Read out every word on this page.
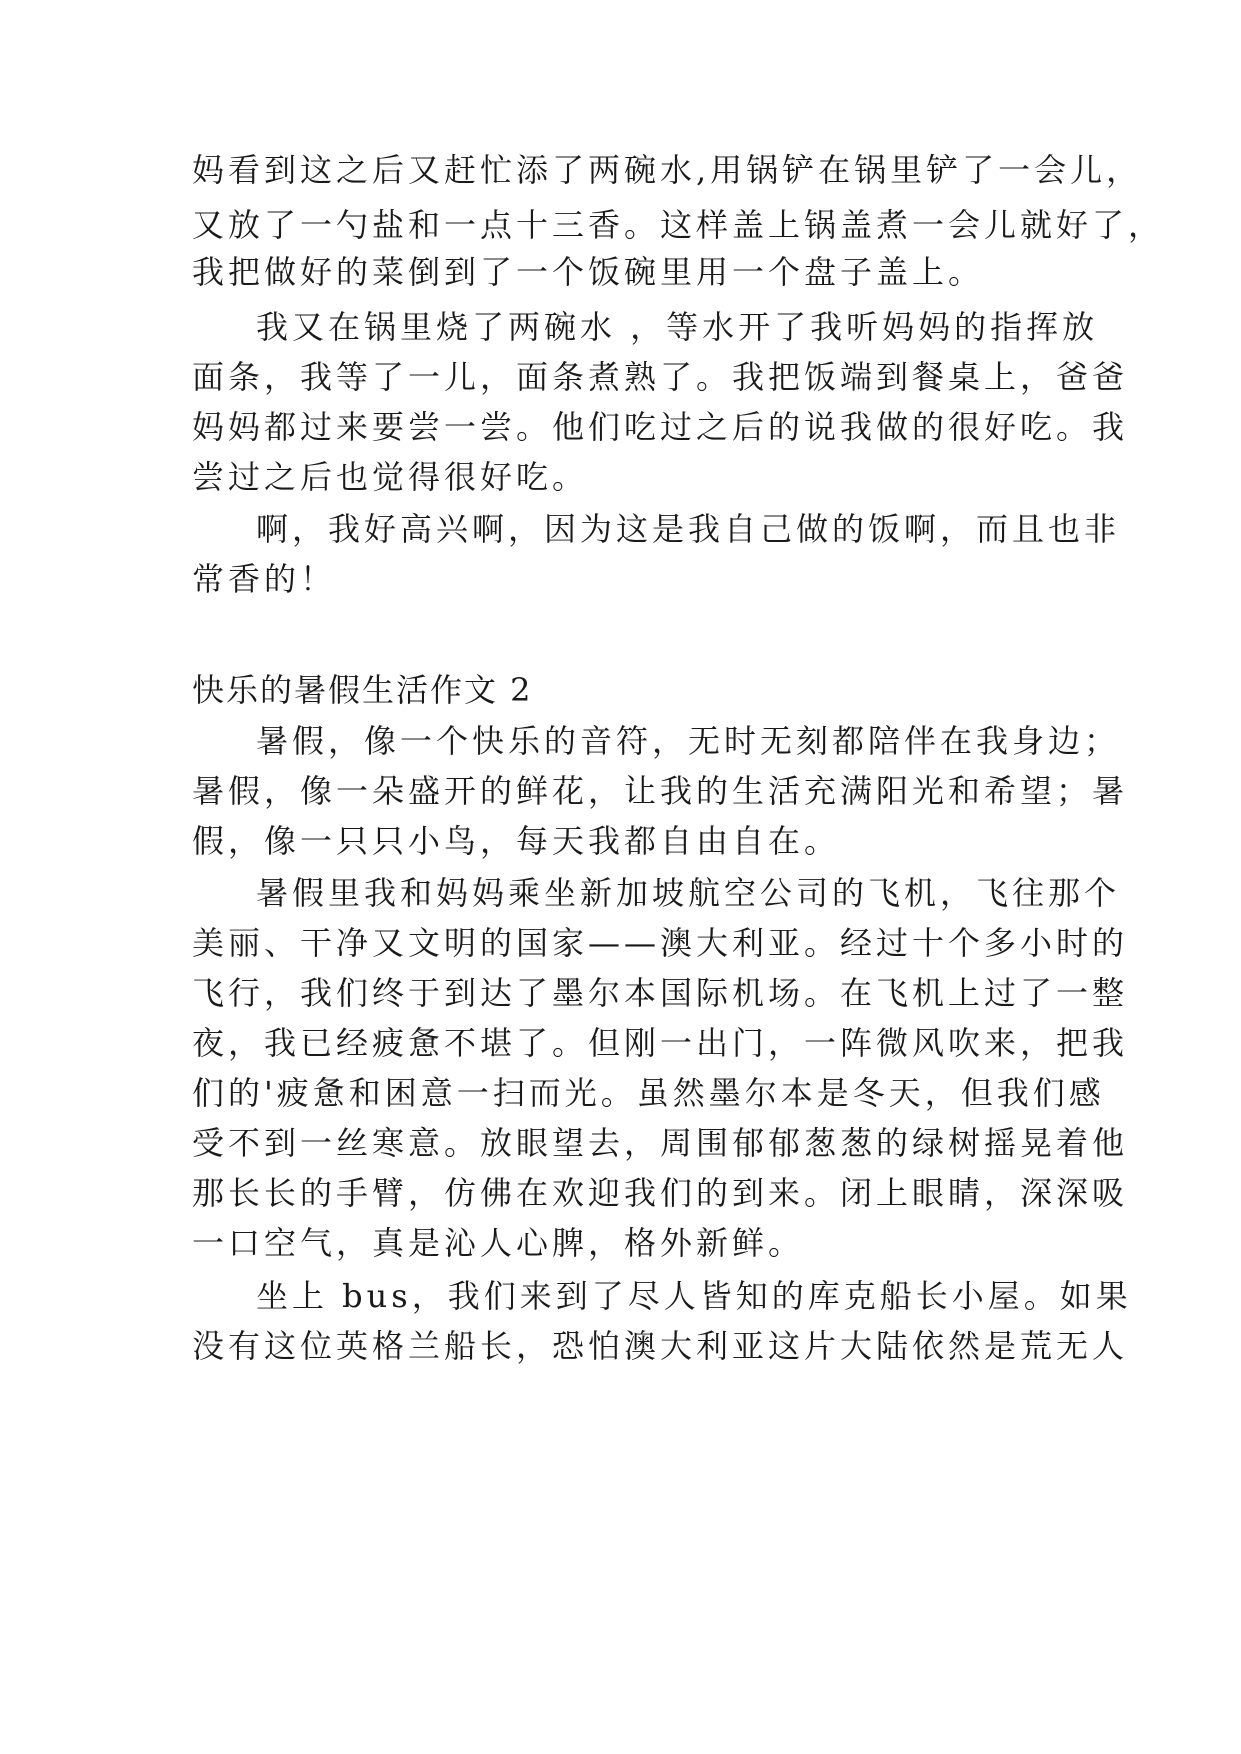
妈看到这之后又赶忙添了两碗水,用锅铲在锅里铲了一会儿，
又放了一勺盐和一点十三香。这样盖上锅盖煮一会儿就好了，
我把做好的菜倒到了一个饭碗里用一个盘子盖上。
我又在锅里烧了两碗水 ，等水开了我听妈妈的指挥放
面条，我等了一儿，面条煮熟了。我把饭端到餐桌上，爸爸
妈妈都过来要尝一尝。他们吃过之后的说我做的很好吃。我
尝过之后也觉得很好吃。
啊，我好高兴啊，因为这是我自己做的饭啊，而且也非
常香的！
快乐的暑假生活作文 2
暑假，像一个快乐的音符，无时无刻都陪伴在我身边；
暑假，像一朵盛开的鲜花，让我的生活充满阳光和希望；暑
假，像一只只小鸟，每天我都自由自在。
暑假里我和妈妈乘坐新加坡航空公司的飞机，飞往那个
美丽、干净又文明的国家——澳大利亚。经过十个多小时的
飞行，我们终于到达了墨尔本国际机场。在飞机上过了一整
夜，我已经疲惫不堪了。但刚一出门，一阵微风吹来，把我
们的'疲惫和困意一扫而光。虽然墨尔本是冬天，但我们感
受不到一丝寒意。放眼望去，周围郁郁葱葱的绿树摇晃着他
那长长的手臂，仿佛在欢迎我们的到来。闭上眼睛，深深吸
一口空气，真是沁人心脾，格外新鲜。
坐上 bus，我们来到了尽人皆知的库克船长小屋。如果
没有这位英格兰船长，恐怕澳大利亚这片大陆依然是荒无人
